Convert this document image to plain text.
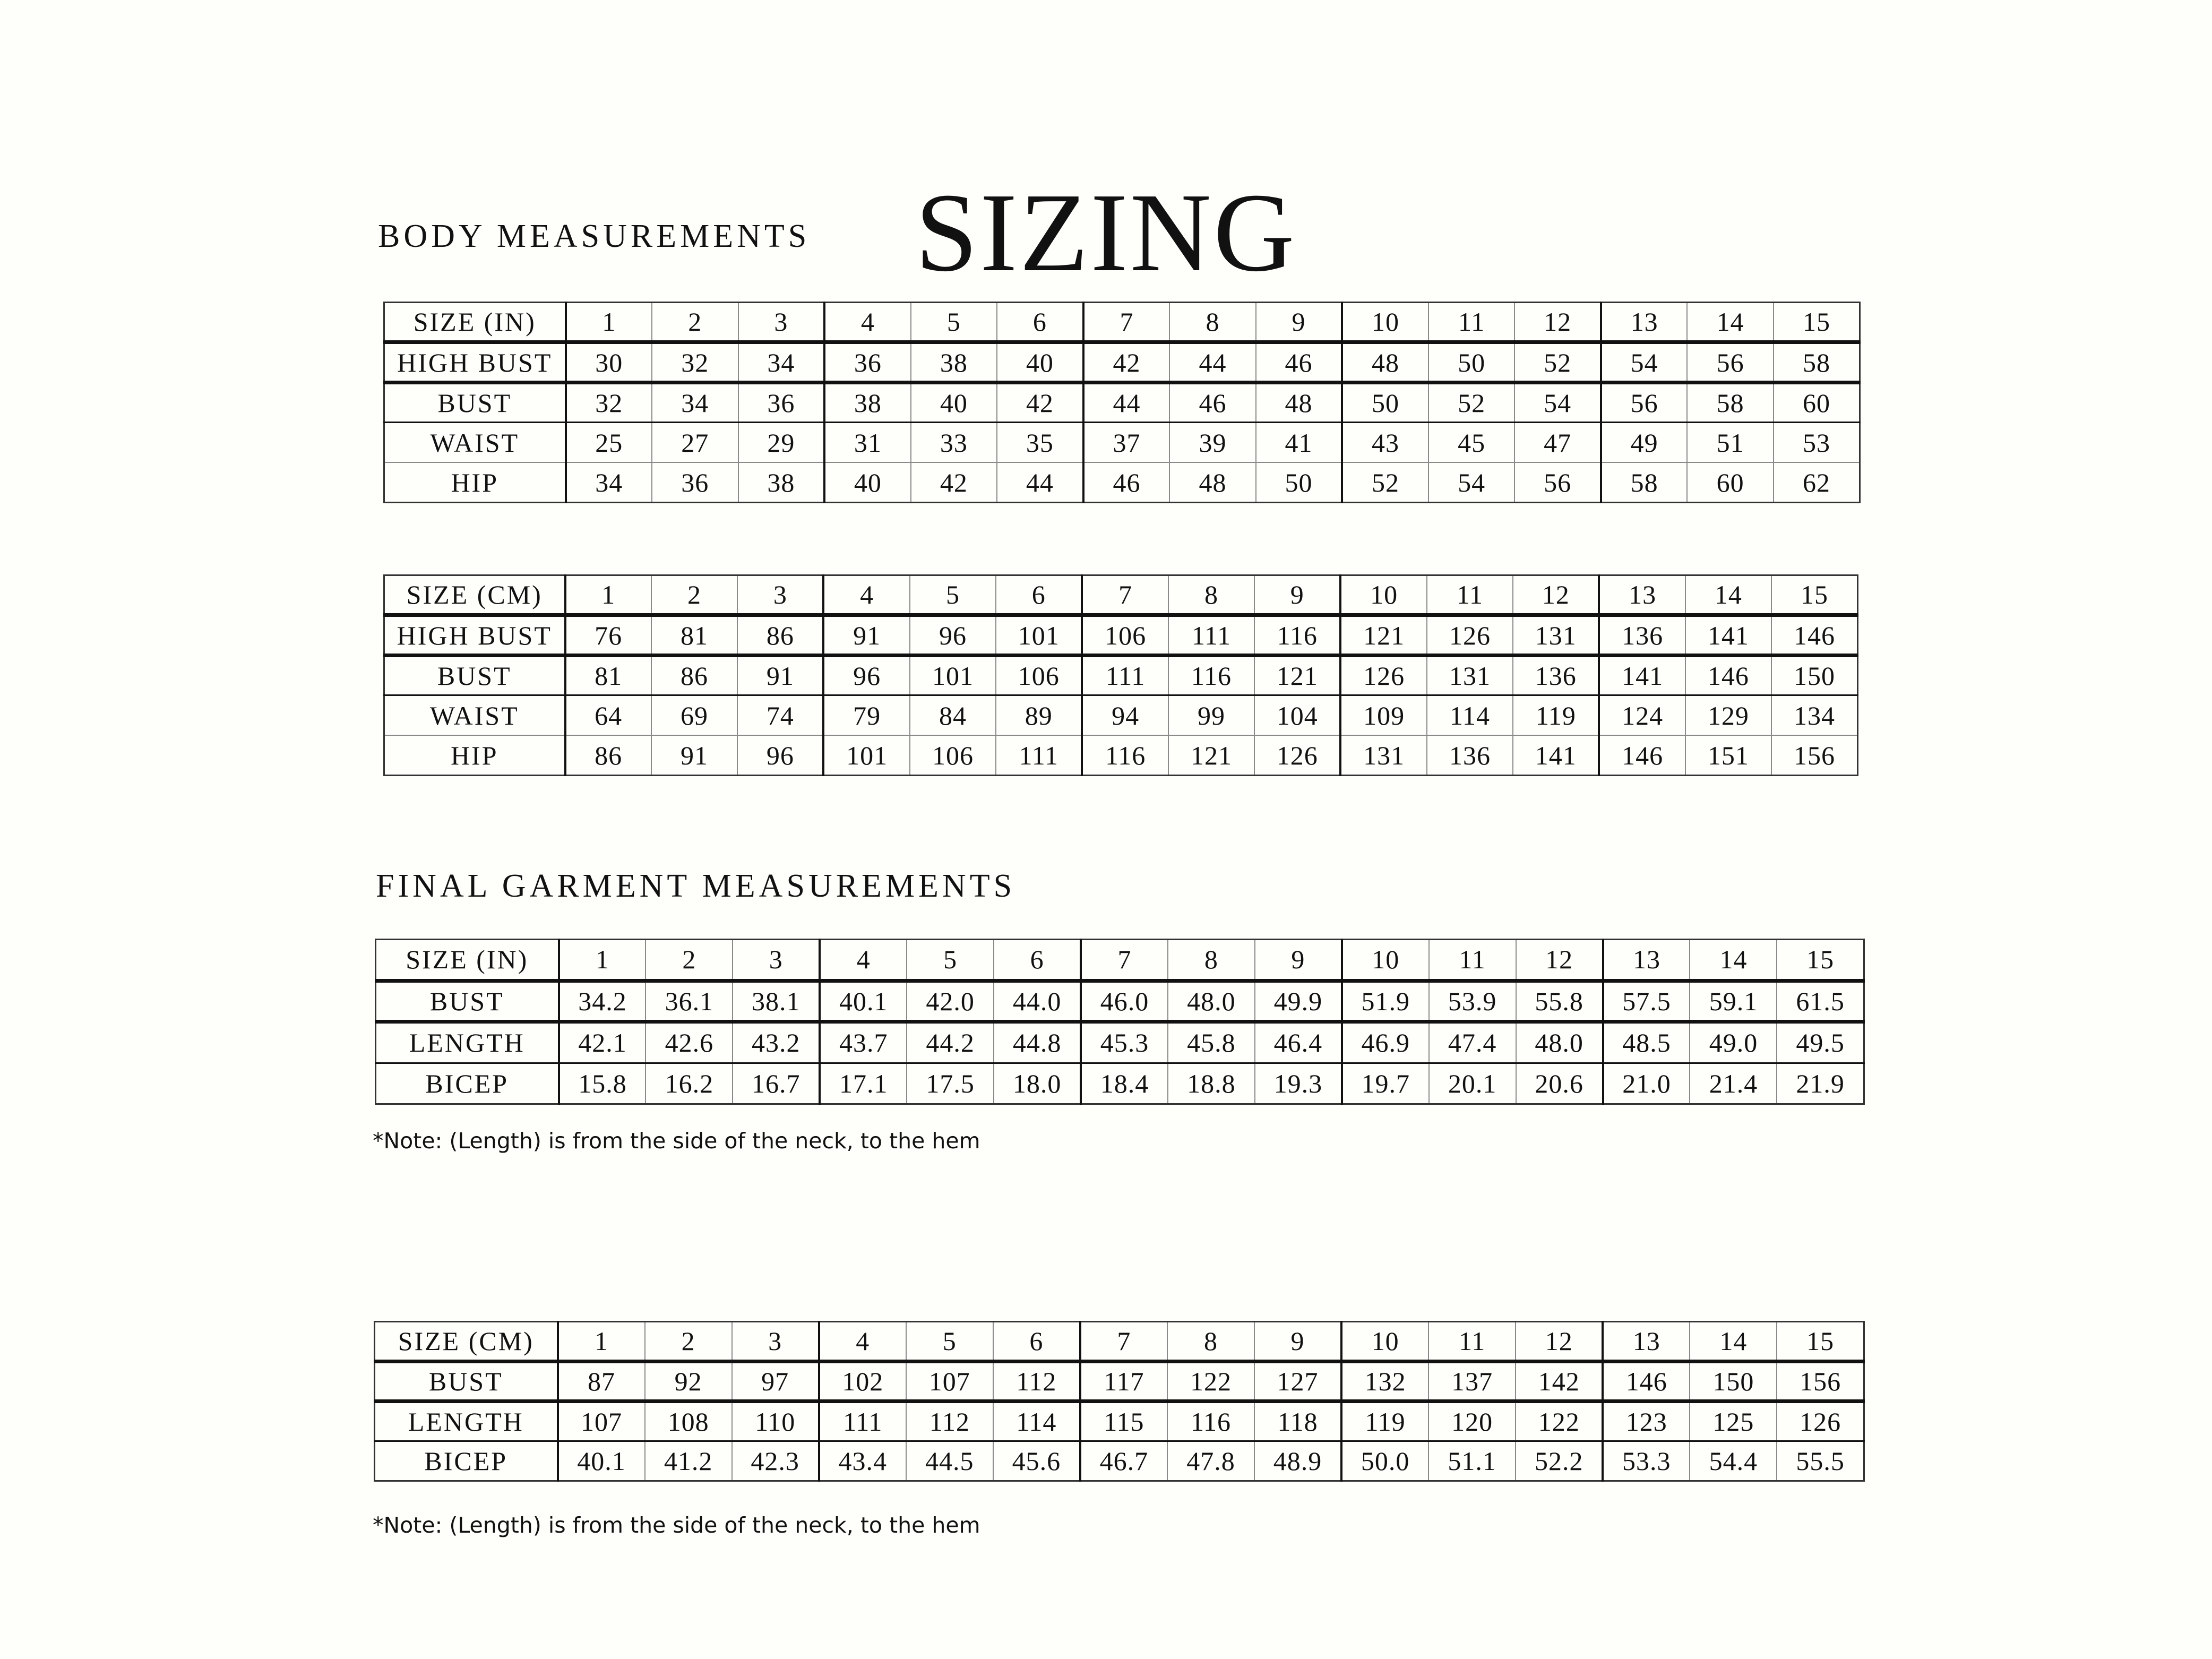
SIZING
BODY MEASUREMENTS
SIZE (IN)	1	2	3	4	5	6	7	8	9	10	11	12	13	14	15
HIGH BUST	30	32	34	36	38	40	42	44	46	48	50	52	54	56	58
BUST	32	34	36	38	40	42	44	46	48	50	52	54	56	58	60
WAIST	25	27	29	31	33	35	37	39	41	43	45	47	49	51	53
HIP	34	36	38	40	42	44	46	48	50	52	54	56	58	60	62
SIZE (CM)	1	2	3	4	5	6	7	8	9	10	11	12	13	14	15
HIGH BUST	76	81	86	91	96	101	106	111	116	121	126	131	136	141	146
BUST	81	86	91	96	101	106	111	116	121	126	131	136	141	146	150
WAIST	64	69	74	79	84	89	94	99	104	109	114	119	124	129	134
HIP	86	91	96	101	106	111	116	121	126	131	136	141	146	151	156
FINAL GARMENT MEASUREMENTS
SIZE (IN)	1	2	3	4	5	6	7	8	9	10	11	12	13	14	15
BUST	34.2	36.1	38.1	40.1	42.0	44.0	46.0	48.0	49.9	51.9	53.9	55.8	57.5	59.1	61.5
LENGTH	42.1	42.6	43.2	43.7	44.2	44.8	45.3	45.8	46.4	46.9	47.4	48.0	48.5	49.0	49.5
BICEP	15.8	16.2	16.7	17.1	17.5	18.0	18.4	18.8	19.3	19.7	20.1	20.6	21.0	21.4	21.9
*Note: (Length) is from the side of the neck, to the hem
SIZE (CM)	1	2	3	4	5	6	7	8	9	10	11	12	13	14	15
BUST	87	92	97	102	107	112	117	122	127	132	137	142	146	150	156
LENGTH	107	108	110	111	112	114	115	116	118	119	120	122	123	125	126
BICEP	40.1	41.2	42.3	43.4	44.5	45.6	46.7	47.8	48.9	50.0	51.1	52.2	53.3	54.4	55.5
*Note: (Length) is from the side of the neck, to the hem
